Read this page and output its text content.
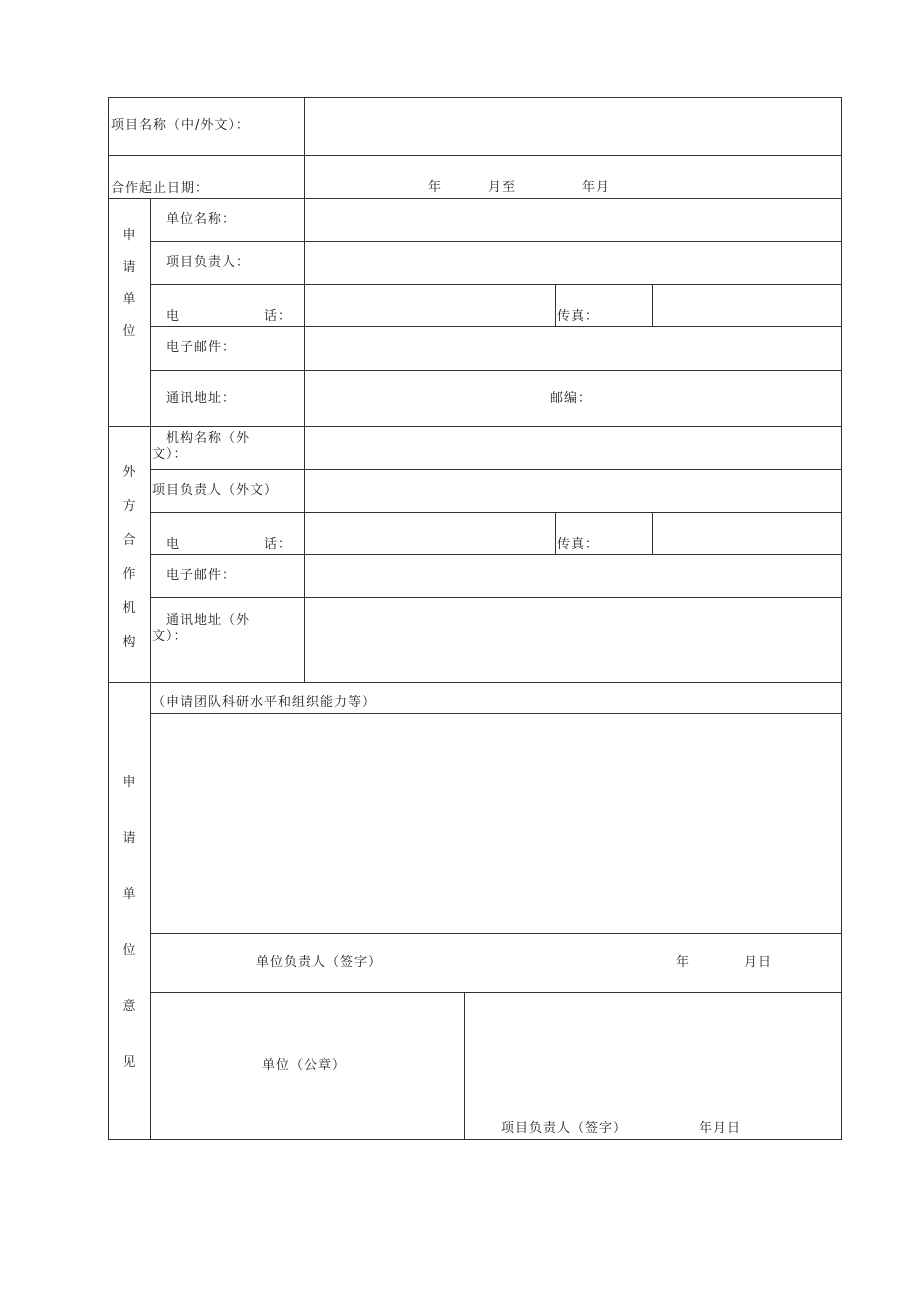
项目名称（中/外文）：
合作起止日期：	年	月至	年月
申
请
单
位
单位名称：
项目负责人：
电	话：	传真：
电子邮件：
通讯地址：	邮编：
外
方
合
作
机
构
机构名称（外文）：
项目负责人（外文）
电	话：	传真：
电子邮件：
通讯地址（外文）：
申
请
单
位
意
见
（申请团队科研水平和组织能力等）
单位负责人（签字）	年	月日
单位（公章）
项目负责人（签字）	年月日
